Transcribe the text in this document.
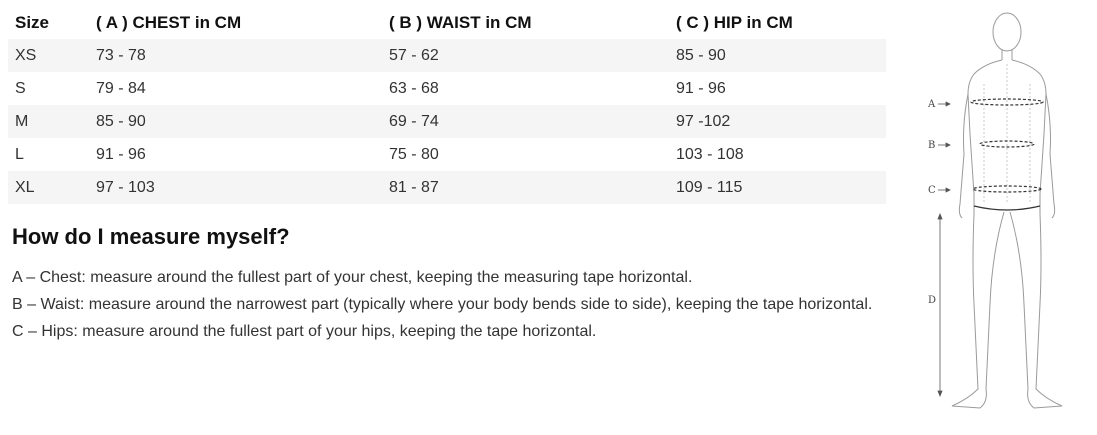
Size	( A ) CHEST in CM	( B ) WAIST in CM	( C ) HIP in CM
XS	73 - 78	57 - 62	85 - 90
S	79 - 84	63 - 68	91 - 96
M	85 - 90	69 - 74	97 -102
L	91 - 96	75 - 80	103 - 108
XL	97 - 103	81 - 87	109 - 115
How do I measure myself?

A – Chest: measure around the fullest part of your chest, keeping the measuring tape horizontal.

B – Waist: measure around the narrowest part (typically where your body bends side to side), keeping the tape horizontal.

C – Hips: measure around the fullest part of your hips, keeping the tape horizontal.

A
B
C
D
